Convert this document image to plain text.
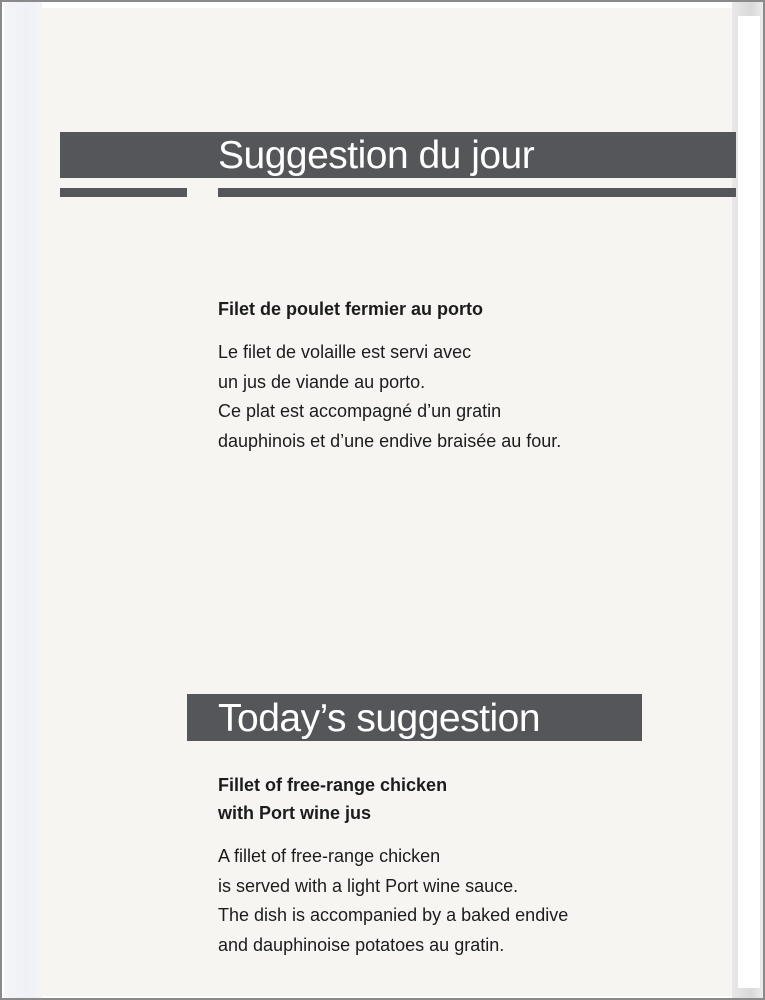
Suggestion du jour
Filet de poulet fermier au porto
Le filet de volaille est servi avec
un jus de viande au porto.
Ce plat est accompagné d’un gratin
dauphinois et d’une endive braisée au four.
Today’s suggestion
Fillet of free-range chicken
with Port wine jus
A fillet of free-range chicken
is served with a light Port wine sauce.
The dish is accompanied by a baked endive
and dauphinoise potatoes au gratin.
